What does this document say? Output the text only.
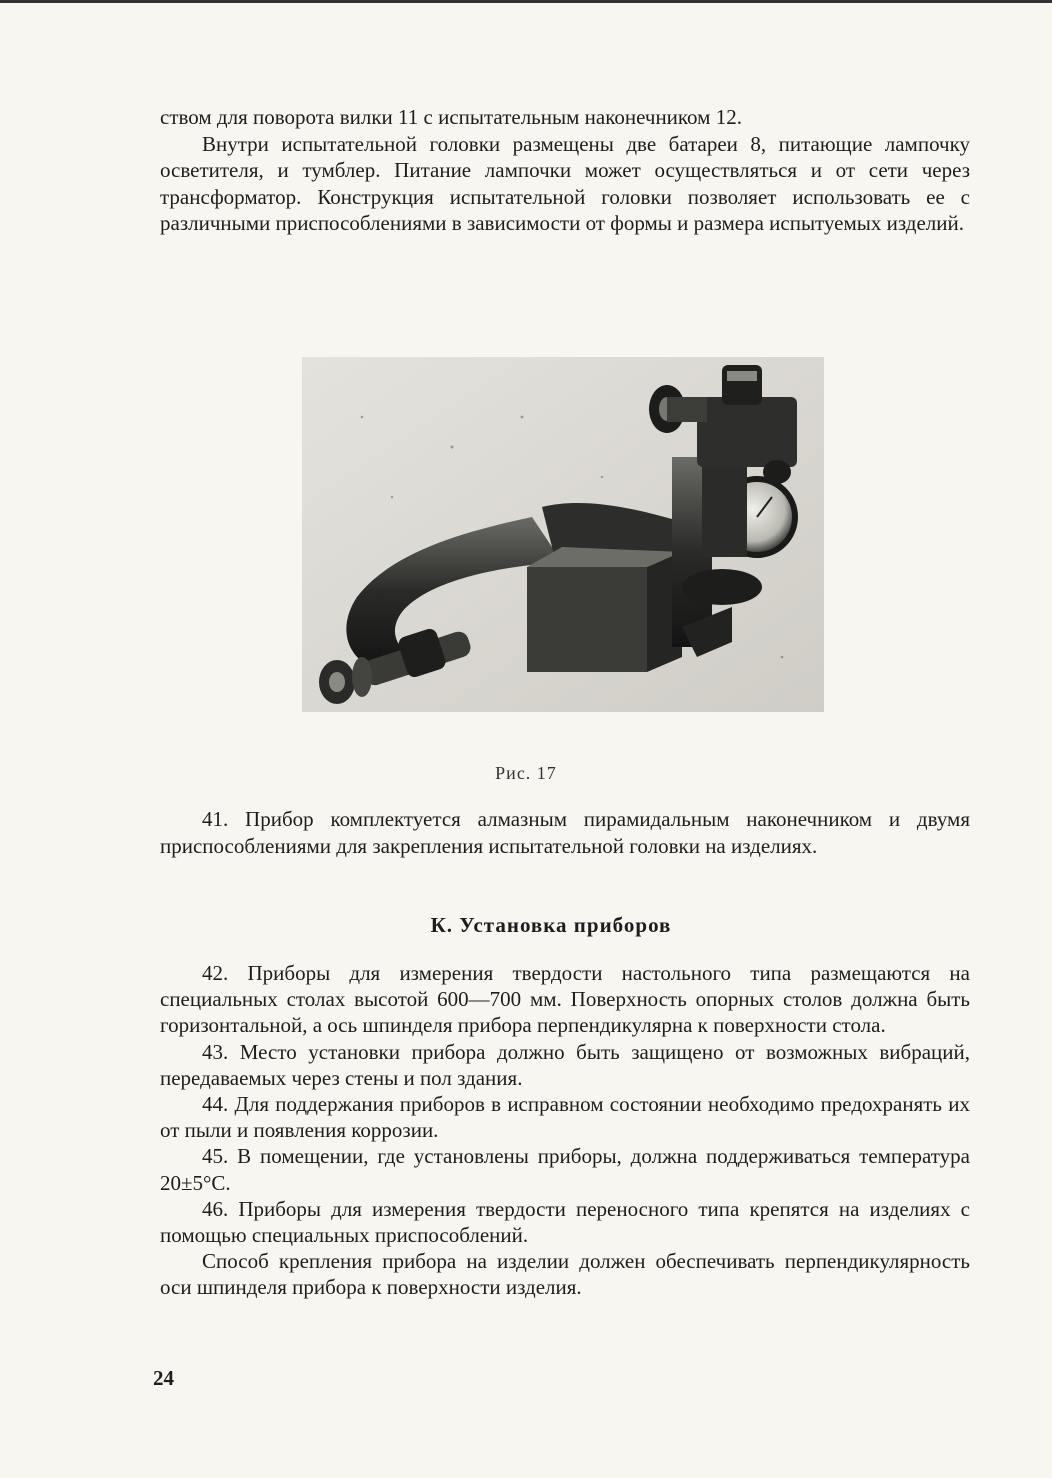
ством для поворота вилки 11 с испытательным наконечником 12.

Внутри испытательной головки размещены две батареи 8, питающие лампочку осветителя, и тумблер. Питание лампочки может осуществляться и от сети через трансформатор. Конструкция испытательной головки позволяет использовать ее с различными приспособлениями в зависимости от формы и размера испытуемых изделий.

Рис. 17

41. Прибор комплектуется алмазным пирамидальным наконечником и двумя приспособлениями для закрепления испытательной головки на изделиях.

К. Установка приборов

42. Приборы для измерения твердости настольного типа размещаются на специальных столах высотой 600—700 мм. Поверхность опорных столов должна быть горизонтальной, а ось шпинделя прибора перпендикулярна к поверхности стола.

43. Место установки прибора должно быть защищено от возможных вибраций, передаваемых через стены и пол здания.

44. Для поддержания приборов в исправном состоянии необходимо предохранять их от пыли и появления коррозии.

45. В помещении, где установлены приборы, должна поддерживаться температура 20±5°C.

46. Приборы для измерения твердости переносного типа крепятся на изделиях с помощью специальных приспособлений.

Способ крепления прибора на изделии должен обеспечивать перпендикулярность оси шпинделя прибора к поверхности изделия.

24
